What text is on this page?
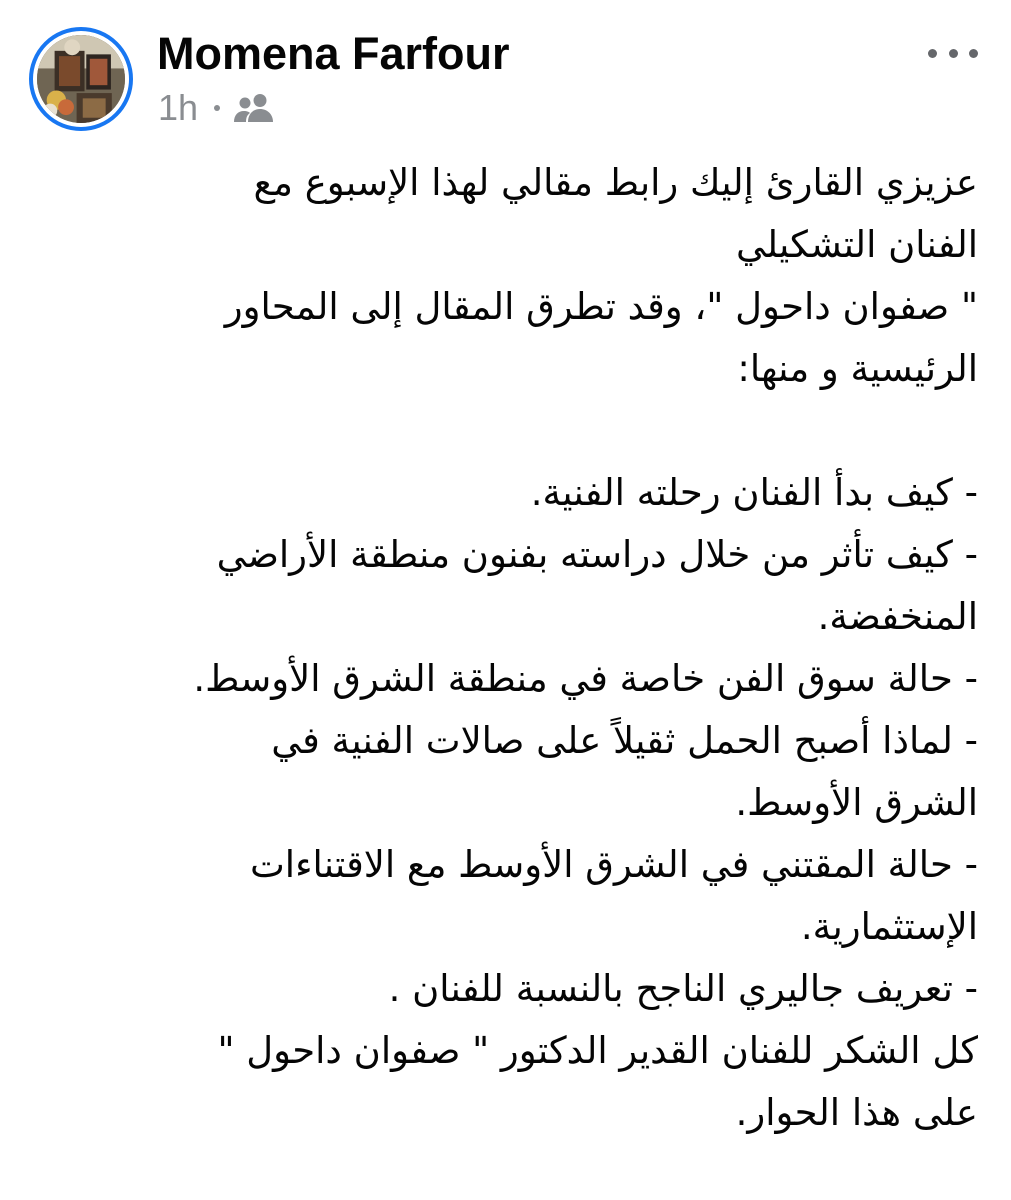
Momena Farfour
1h
عزيزي القارئ إليك رابط مقالي لهذا الإسبوع مع
الفنان التشكيلي
" صفوان داحول "، وقد تطرق المقال إلى المحاور
الرئيسية و منها:
- كيف بدأ الفنان رحلته الفنية.
- كيف تأثر من خلال دراسته بفنون منطقة الأراضي
المنخفضة.
- حالة سوق الفن خاصة في منطقة الشرق الأوسط.
- لماذا أصبح الحمل ثقيلاً على صالات الفنية في
الشرق الأوسط.
- حالة المقتني في الشرق الأوسط مع الاقتناءات
الإستثمارية.
- تعريف جاليري الناجح بالنسبة للفنان .
كل الشكر للفنان القدير الدكتور " صفوان داحول "
على هذا الحوار.
